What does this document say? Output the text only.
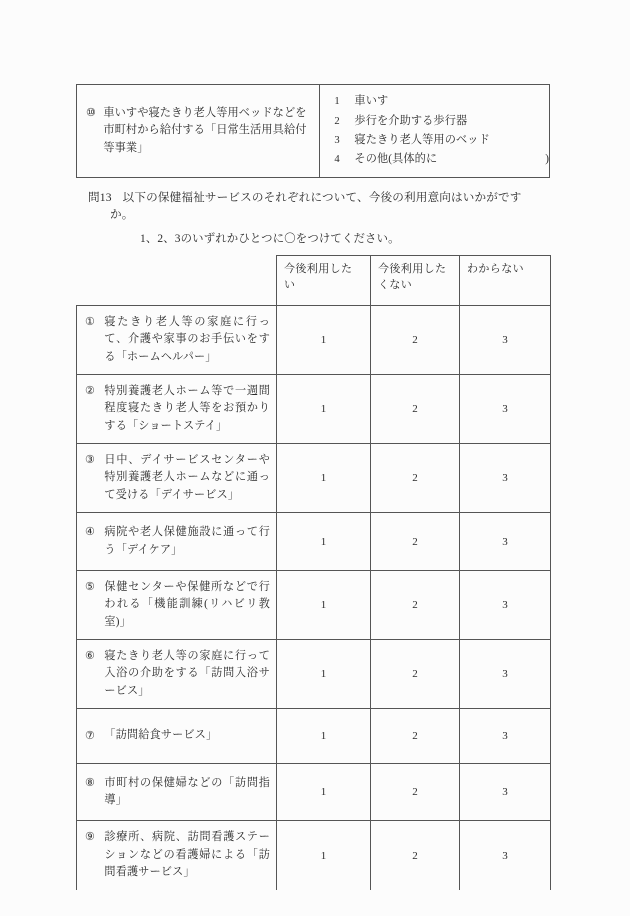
⑩ 車いすや寝たきり老人等用ベッドなどを市町村から給付する「日常生活用具給付等事業」
1	車いす
2	歩行を介助する歩行器
3	寝たきり老人等用のベッド
4	その他(具体的に	)
問13 以下の保健福祉サービスのそれぞれについて、今後の利用意向はいかがです
か。
1、2、3のいずれかひとつに〇をつけてください。
	今後利用したい	今後利用したくない	わからない

① 寝たきり老人等の家庭に行って、介護や家事のお手伝いをする「ホームヘルパー」	1	2	3

② 特別養護老人ホーム等で一週間程度寝たきり老人等をお預かりする「ショートステイ」	1	2	3

③ 日中、デイサービスセンターや特別養護老人ホームなどに通って受ける「デイサービス」	1	2	3

④ 病院や老人保健施設に通って行う「デイケア」	1	2	3

⑤ 保健センターや保健所などで行われる「機能訓練(リハビリ教室)」	1	2	3

⑥ 寝たきり老人等の家庭に行って入浴の介助をする「訪問入浴サービス」	1	2	3

⑦ 「訪問給食サービス」	1	2	3

⑧ 市町村の保健婦などの「訪問指導」	1	2	3

⑨ 診療所、病院、訪問看護ステーションなどの看護婦による「訪問看護サービス」	1	2	3
